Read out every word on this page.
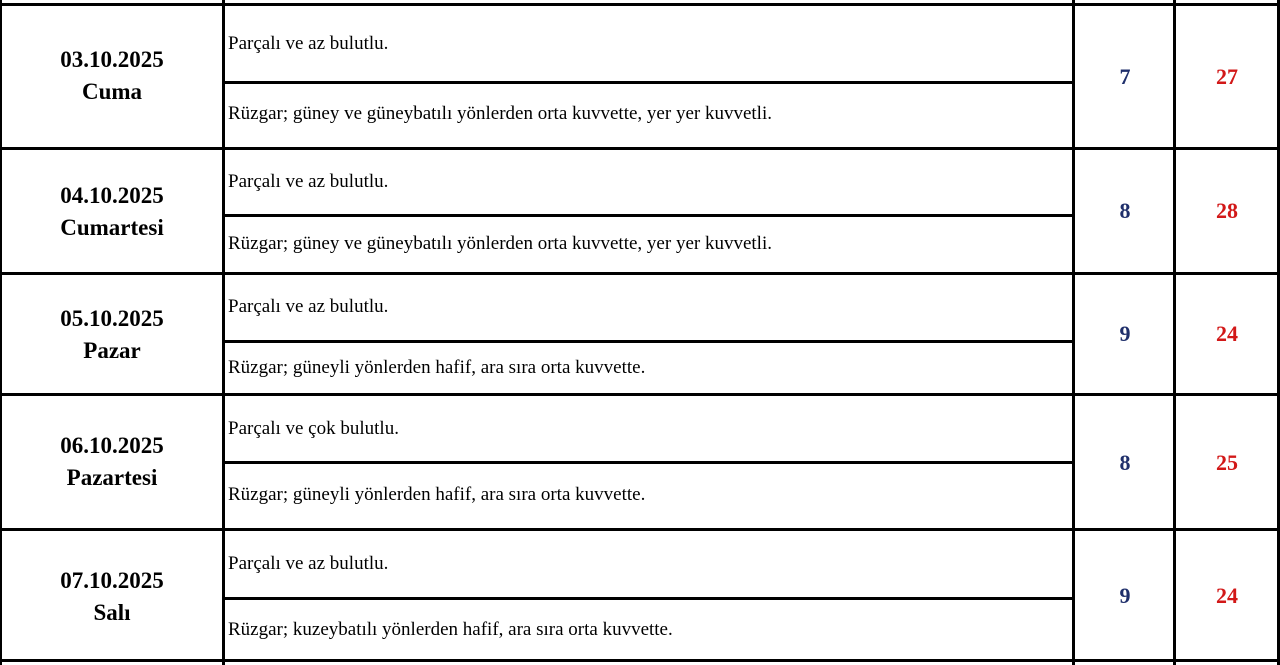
03.10.2025
Cuma
Parçalı ve az bulutlu.
Rüzgar; güney ve güneybatılı yönlerden orta kuvvette, yer yer kuvvetli.
7	27
04.10.2025
Cumartesi
Parçalı ve az bulutlu.
Rüzgar; güney ve güneybatılı yönlerden orta kuvvette, yer yer kuvvetli.
8	28
05.10.2025
Pazar
Parçalı ve az bulutlu.
Rüzgar; güneyli yönlerden hafif, ara sıra orta kuvvette.
9	24
06.10.2025
Pazartesi
Parçalı ve çok bulutlu.
Rüzgar; güneyli yönlerden hafif, ara sıra orta kuvvette.
8	25
07.10.2025
Salı
Parçalı ve az bulutlu.
Rüzgar; kuzeybatılı yönlerden hafif, ara sıra orta kuvvette.
9	24
